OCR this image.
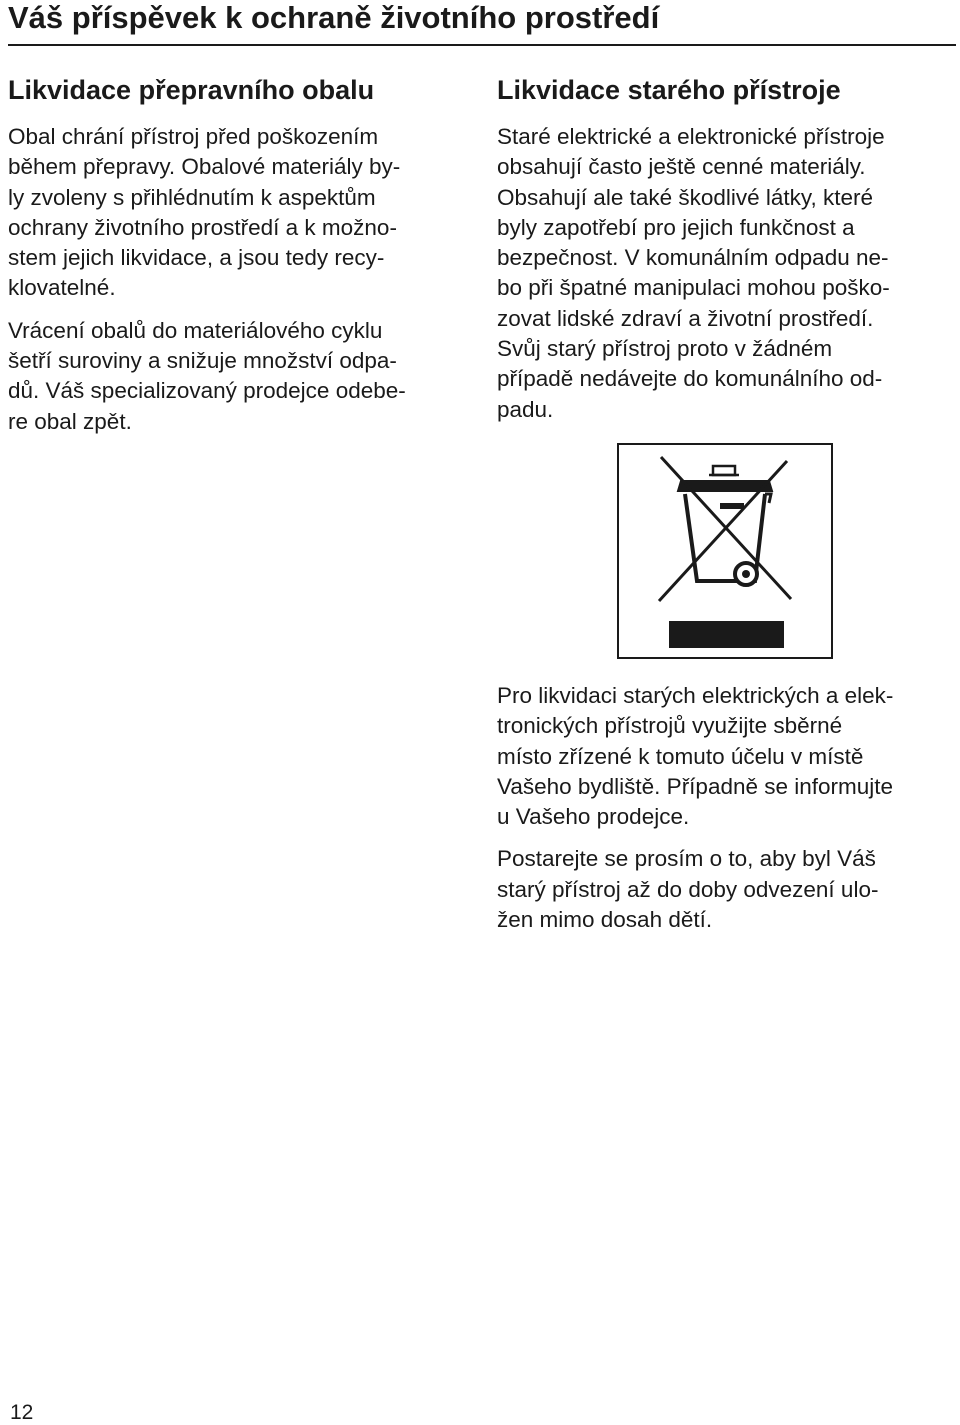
Váš příspěvek k ochraně životního prostředí
Likvidace přepravního obalu

Obal chrání přístroj před poškozením
během přepravy. Obalové materiály by-
ly zvoleny s přihlédnutím k aspektům
ochrany životního prostředí a k možno-
stem jejich likvidace, a jsou tedy recy-
klovatelné.

Vrácení obalů do materiálového cyklu
šetří suroviny a snižuje množství odpa-
dů. Váš specializovaný prodejce odebe-
re obal zpět.

Likvidace starého přístroje

Staré elektrické a elektronické přístroje
obsahují často ještě cenné materiály.
Obsahují ale také škodlivé látky, které
byly zapotřebí pro jejich funkčnost a
bezpečnost. V komunálním odpadu ne-
bo při špatné manipulaci mohou poško-
zovat lidské zdraví a životní prostředí.
Svůj starý přístroj proto v žádném
případě nedávejte do komunálního od-
padu.

Pro likvidaci starých elektrických a elek-
tronických přístrojů využijte sběrné
místo zřízené k tomuto účelu v místě
Vašeho bydliště. Případně se informujte
u Vašeho prodejce.

Postarejte se prosím o to, aby byl Váš
starý přístroj až do doby odvezení ulo-
žen mimo dosah dětí.

12
